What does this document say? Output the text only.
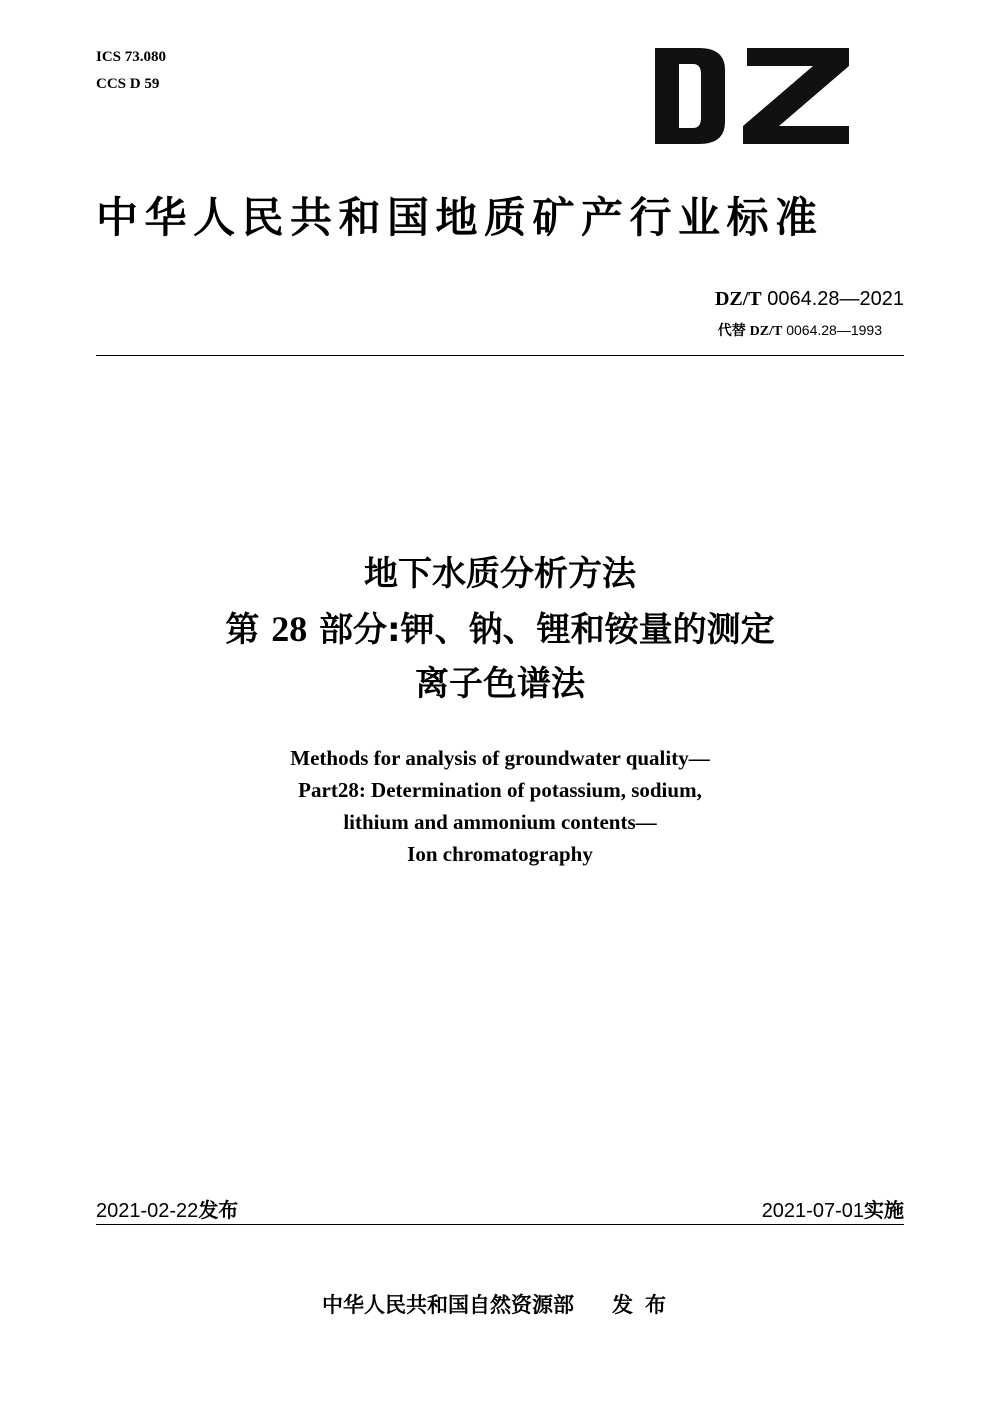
ICS 73.080
CCS D 59
中华人民共和国地质矿产行业标准
DZ/T 0064.28—2021
代替 DZ/T 0064.28—1993
地下水质分析方法
第 28 部分:钾、钠、锂和铵量的测定
离子色谱法
Methods for analysis of groundwater quality—
Part28: Determination of potassium, sodium,
lithium and ammonium contents—
Ion chromatography
2021-02-22发布	2021-07-01实施
中华人民共和国自然资源部 发布
